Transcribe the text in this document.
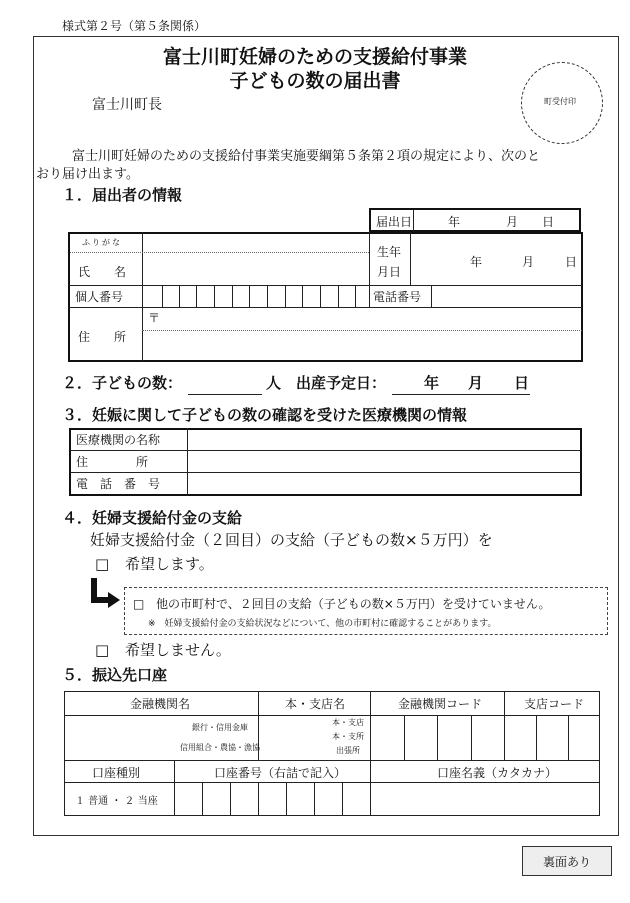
様式第２号（第５条関係）
富士川町妊婦のための支援給付事業
子どもの数の届出書
富士川町長	町受付印
富士川町妊婦のための支援給付事業実施要綱第５条第２項の規定により、次のと
おり届け出ます。
１．届出者の情報
届出日	年	月 日
ふりがな
氏　　名
生年
月日
年	月	日
個人番号	電話番号
〒
住　　所
２．子どもの数：	人 出産予定日：	年 月 日
３．妊娠に関して子どもの数の確認を受けた医療機関の情報
医療機関の名称
住　　　　所
電　話　番　号
４．妊婦支援給付金の支給
妊婦支援給付金（２回目）の支給（子どもの数×５万円）を
□ 希望します。
□ 他の市町村で、２回目の支給（子どもの数×５万円）を受けていません。
※　妊婦支援給付金の支給状況などについて、他の市町村に確認することがあります。
□ 希望しません。
５．振込先口座
金融機関名	本・支店名	金融機関コード	支店コード
銀行・信用金庫
信用組合・農協・漁協
本・支店
本・支所
出張所
口座種別	口座番号（右詰で記入）	口座名義（カタカナ）
１ 普通 ・ ２ 当座
裏面あり
